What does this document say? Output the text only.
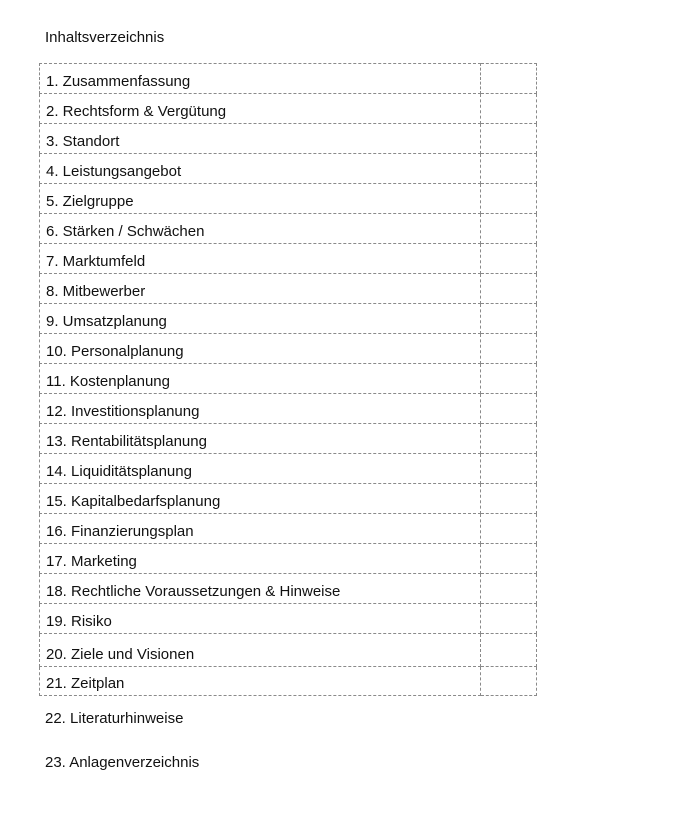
Inhaltsverzeichnis
1. Zusammenfassung	
2. Rechtsform & Vergütung	
3. Standort	
4. Leistungsangebot	
5. Zielgruppe	
6. Stärken / Schwächen	
7. Marktumfeld	
8. Mitbewerber	
9. Umsatzplanung	
10. Personalplanung	
11. Kostenplanung	
12. Investitionsplanung	
13. Rentabilitätsplanung	
14. Liquiditätsplanung	
15. Kapitalbedarfsplanung	
16. Finanzierungsplan	
17. Marketing	
18. Rechtliche Voraussetzungen & Hinweise	
19. Risiko	
20. Ziele und Visionen	
21. Zeitplan	
22. Literaturhinweise
23. Anlagenverzeichnis
